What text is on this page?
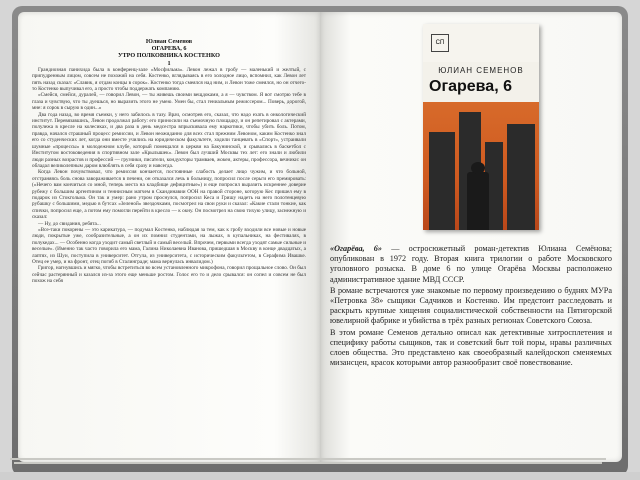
Юлиан Семенов
ОГАРЕВА, 6
УТРО ПОЛКОВНИКА КОСТЕНКО
1

Грандиозная панихида была в конференц-зале «Мосфильма». Левон лежал в гробу — маленький и желтый, с припудренным лицом, совсем не похожий на себя. Костенко, вглядываясь в его холодное лицо, вспомнил, как Левон лет пять назад сказал: «Славик, я отдам концы в сорок». Костенко тогда смеялся над ним, и Левон тоже смеялся, но он отчего-то Костенко выпучивал его, а просто чтобы поддержать компанию.

«Смейся, смейся, дуралей, — говорил Левон, — ты живешь своими вещдоками, а я — чувством. Я вот смотрю тебе в глаза и чувствую, что ты дуешься, но выразить этого не умею. Умен бы, стал гениальным режиссером... Поверь, дорогой, мне: я сорок в сырую в один...»

Два года назад, во время съемки, у него забилось в тазу. Врач, осмотрев его, сказал, что надо ехать в онкологический институт. Перевязавшись, Левон продолжал работу: его приносили на съемочную площадку, и он репетировал с актерами, полулежа в кресле на колесиках, и два раза в день медсестра впрыскивала ему наркотики, чтобы убить боль. Потом, правда, начался страшный процесс ремиссии, и Левон неожиданно для всех стал прежним Левоном, каким Костенко знал его со студенческих лет, когда они вместе учились на юридическом факультете, ходили танцевать в «Спорт», устраивали шумные «процессы» в молодежном клубе, который помещался в церкви на Бакунинской, и срывались в баскетбол с Институтом востоковедения в спортивном зале «Крылышек». Левон был лучший Москвы тех лет: его знали и любили люди разных возрастов и профессий — грузчики, писатели, кондукторы трамваев, жокеи, актеры, профессора, вечники: он обладал великолепным даром влюблять в себя сразу и навсегда.

Когда Левон почувствовал, что ремиссия кончается, постоянные слабость делает лицо чужим, и что больной, отстраняясь боль снова завораживается в печени, он отказался лечь в больницу, попросил после серьги его премировать: («Нечего вам кончиться со мной, теперь места на кладбище дефицитные») и еще попросил выразить искреннее доверие рубежу с большим аргентином и теннисным матчем в Скандинавии ООН на правой стороне, которую Кес пришел ему в подарок из Стокгольма. Он так и умер: рано утром проснулся, попросил Кеса и Гришу надеть на него полотенцевую рубашку с большими, медью в бутсах «Зеленой» звездочками, посмотрел на свои руки и сказал: «Какие стали тонкие, как спички, попросил еще, а потом ему помогли перейти в кресло — к окну. Он посмотрел на свою тихую улицу, заснежную и сказал:

— Ну, до свидания, ребята...

«Все-таки покорены — это карикатура, — подумал Костенко, наблюдая за тем, как к гробу входили все новые и новые люди, покрытые уже, сообразительные, а он их помнил студентами, на лыжах, в купальниках, на фестивалях, в полукедах... — Особенно когда уходит самый светлый и самый веселый. Впрочем, первыми всегда уходят самые сильные и веселые». (Именно так часто говорила его мама, Галина Николаевна Иванова, пришедшая в Москву в конце двадцатых, а лаптях, из Шуи, поступила в университет. Отгула, из университета, с историческим факультетом, в Серафима Ивашке. Отец ее умер, и на фронт, отец погиб в Сталинграде; мама вернулась инвалидом.)

Григор, нагнувшись и мягко, чтобы встретиться во всем установленного микрофона, говорил прощальное слово. Он был сейчас растерянный и казался из-за этого еще меньше ростом. Голос его то и дело срывался: он сопел и совсем не был похож на себя

СП
ЮЛИАН СЕМЕНОВ
Огарева, 6

«Огарёва, 6» — остросюжетный роман-детектив Юлиана Семёнова; опубликован в 1972 году. Вторая книга трилогии о работе Московского уголовного розыска. В доме 6 по улице Огарёва Москвы расположено административное здание МВД СССР.

В романе встречаются уже знакомые по первому произведению о буднях МУРа «Петровка 38» сыщики Садчиков и Костенко. Им предстоит расследовать и раскрыть крупные хищения социалистической собственности на Пятигорской ювелирной фабрике и убийства в трёх разных регионах Советского Союза.

В этом романе Семенов детально описал как детективные хитросплетения и специфику работы сыщиков, так и советский быт той поры, нравы различных слоев общества. Это представлено как своеобразный калейдоскоп сменяемых мизансцен, красок которыми автор разнообразит своё повествование.
